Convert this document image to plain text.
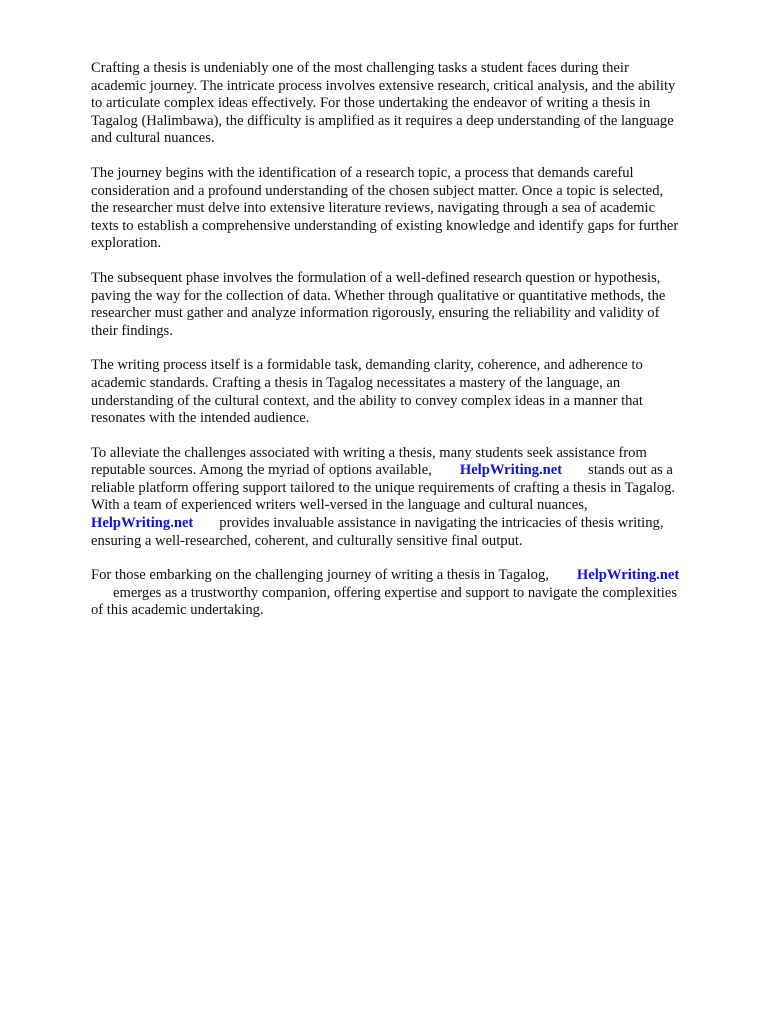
Crafting a thesis is undeniably one of the most challenging tasks a student faces during their
academic journey. The intricate process involves extensive research, critical analysis, and the ability
to articulate complex ideas effectively. For those undertaking the endeavor of writing a thesis in
Tagalog (Halimbawa), the difficulty is amplified as it requires a deep understanding of the language
and cultural nuances.

The journey begins with the identification of a research topic, a process that demands careful
consideration and a profound understanding of the chosen subject matter. Once a topic is selected,
the researcher must delve into extensive literature reviews, navigating through a sea of academic
texts to establish a comprehensive understanding of existing knowledge and identify gaps for further
exploration.

The subsequent phase involves the formulation of a well-defined research question or hypothesis,
paving the way for the collection of data. Whether through qualitative or quantitative methods, the
researcher must gather and analyze information rigorously, ensuring the reliability and validity of
their findings.

The writing process itself is a formidable task, demanding clarity, coherence, and adherence to
academic standards. Crafting a thesis in Tagalog necessitates a mastery of the language, an
understanding of the cultural context, and the ability to convey complex ideas in a manner that
resonates with the intended audience.

To alleviate the challenges associated with writing a thesis, many students seek assistance from
reputable sources. Among the myriad of options available, HelpWriting.net stands out as a
reliable platform offering support tailored to the unique requirements of crafting a thesis in Tagalog.
With a team of experienced writers well-versed in the language and cultural nuances,
HelpWriting.net provides invaluable assistance in navigating the intricacies of thesis writing,
ensuring a well-researched, coherent, and culturally sensitive final output.

For those embarking on the challenging journey of writing a thesis in Tagalog, HelpWriting.net
emerges as a trustworthy companion, offering expertise and support to navigate the complexities
of this academic undertaking.
